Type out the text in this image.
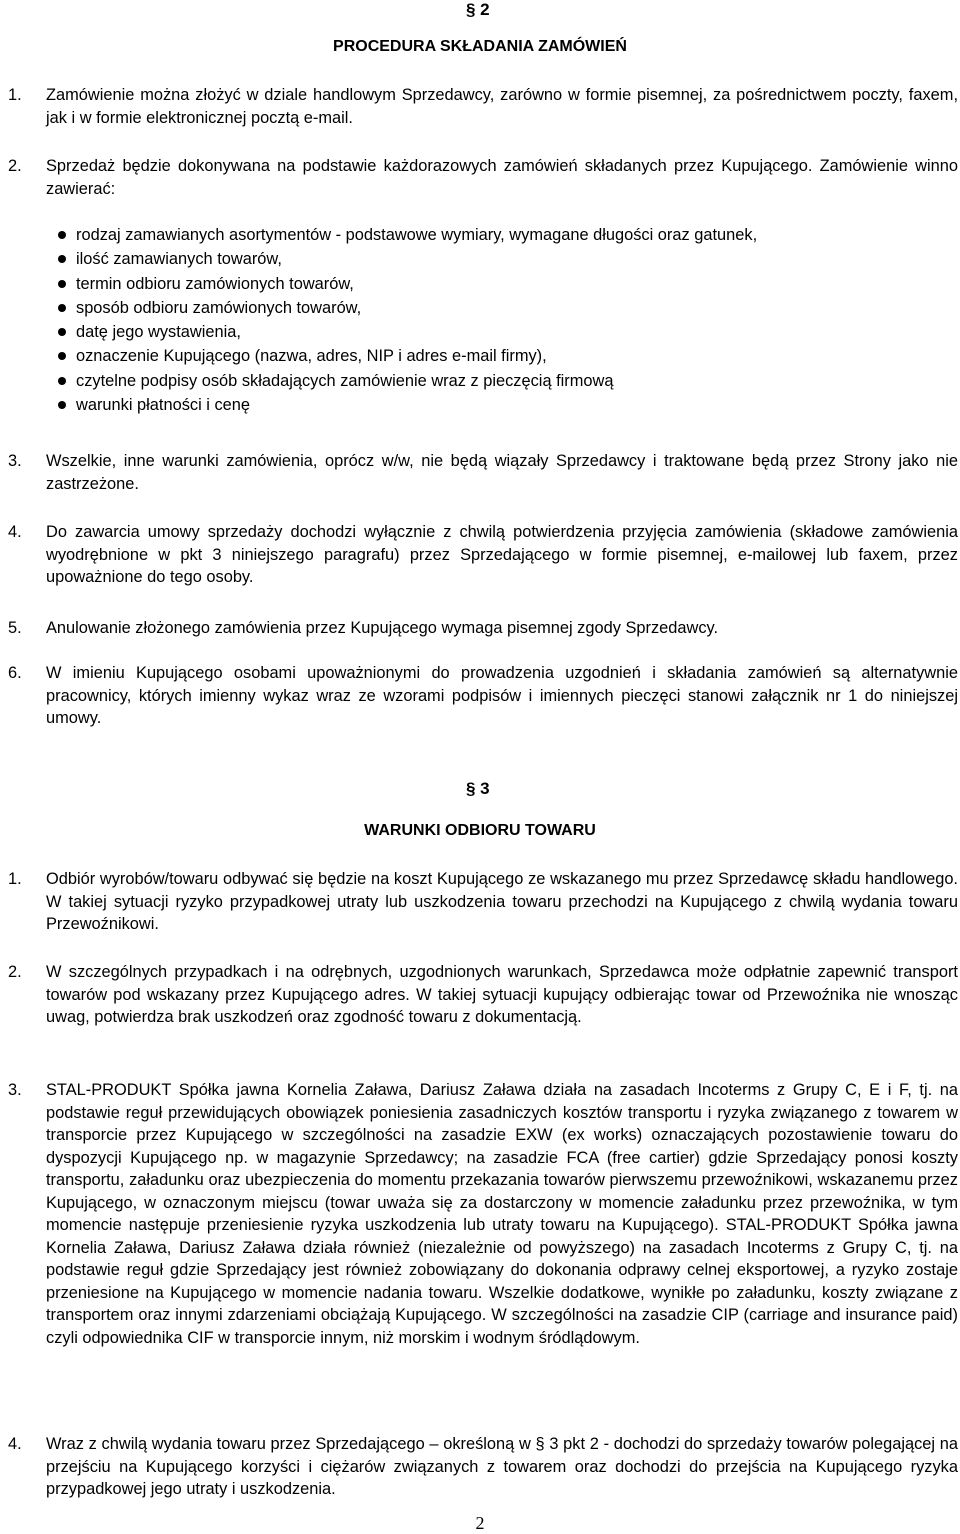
§ 2
PROCEDURA SKŁADANIA ZAMÓWIEŃ
1. Zamówienie można złożyć w dziale handlowym Sprzedawcy, zarówno w formie pisemnej, za pośrednictwem poczty, faxem, jak i w formie elektronicznej pocztą e-mail.
2. Sprzedaż będzie dokonywana na podstawie każdorazowych zamówień składanych przez Kupującego. Zamówienie winno zawierać:
rodzaj zamawianych asortymentów - podstawowe wymiary, wymagane długości oraz gatunek,
ilość zamawianych towarów,
termin odbioru zamówionych towarów,
sposób odbioru zamówionych towarów,
datę jego wystawienia,
oznaczenie Kupującego (nazwa, adres, NIP i adres e-mail firmy),
czytelne podpisy osób składających zamówienie wraz z pieczęcią firmową
warunki płatności i cenę
3. Wszelkie, inne warunki zamówienia, oprócz w/w, nie będą wiązały Sprzedawcy i traktowane będą przez Strony jako nie zastrzeżone.
4. Do zawarcia umowy sprzedaży dochodzi wyłącznie z chwilą potwierdzenia przyjęcia zamówienia (składowe zamówienia wyodrębnione w pkt 3 niniejszego paragrafu) przez Sprzedającego w formie pisemnej, e-mailowej lub faxem, przez upoważnione do tego osoby.
5. Anulowanie złożonego zamówienia przez Kupującego wymaga pisemnej zgody Sprzedawcy.
6. W imieniu Kupującego osobami upoważnionymi do prowadzenia uzgodnień i składania zamówień są alternatywnie pracownicy, których imienny wykaz wraz ze wzorami podpisów i imiennych pieczęci stanowi załącznik nr 1 do niniejszej umowy.
§ 3
WARUNKI ODBIORU TOWARU
1. Odbiór wyrobów/towaru odbywać się będzie na koszt Kupującego ze wskazanego mu przez Sprzedawcę składu handlowego. W takiej sytuacji ryzyko przypadkowej utraty lub uszkodzenia towaru przechodzi na Kupującego z chwilą wydania towaru Przewoźnikowi.
2. W szczególnych przypadkach i na odrębnych, uzgodnionych warunkach, Sprzedawca może odpłatnie zapewnić transport towarów pod wskazany przez Kupującego adres. W takiej sytuacji kupujący odbierając towar od Przewoźnika nie wnosząc uwag, potwierdza brak uszkodzeń oraz zgodność towaru z dokumentacją.
3. STAL-PRODUKT Spółka jawna Kornelia Zaława, Dariusz Zaława działa na zasadach Incoterms z Grupy C, E i F, tj. na podstawie reguł przewidujących obowiązek poniesienia zasadniczych kosztów transportu i ryzyka związanego z towarem w transporcie przez Kupującego w szczególności na zasadzie EXW (ex works) oznaczających pozostawienie towaru do dyspozycji Kupującego np. w magazynie Sprzedawcy; na zasadzie FCA (free cartier) gdzie Sprzedający ponosi koszty transportu, załadunku oraz ubezpieczenia do momentu przekazania towarów pierwszemu przewoźnikowi, wskazanemu przez Kupującego, w oznaczonym miejscu (towar uważa się za dostarczony w momencie załadunku przez przewoźnika, w tym momencie następuje przeniesienie ryzyka uszkodzenia lub utraty towaru na Kupującego). STAL-PRODUKT Spółka jawna Kornelia Zaława, Dariusz Zaława działa również (niezależnie od powyższego) na zasadach Incoterms z Grupy C, tj. na podstawie reguł gdzie Sprzedający jest również zobowiązany do dokonania odprawy celnej eksportowej, a ryzyko zostaje przeniesione na Kupującego w momencie nadania towaru. Wszelkie dodatkowe, wynikłe po załadunku, koszty związane z transportem oraz innymi zdarzeniami obciążają Kupującego. W szczególności na zasadzie CIP (carriage and insurance paid) czyli odpowiednika CIF w transporcie innym, niż morskim i wodnym śródlądowym.
4. Wraz z chwilą wydania towaru przez Sprzedającego – określoną w § 3 pkt 2 - dochodzi do sprzedaży towarów polegającej na przejściu na Kupującego korzyści i ciężarów związanych z towarem oraz dochodzi do przejścia na Kupującego ryzyka przypadkowej jego utraty i uszkodzenia.
2
